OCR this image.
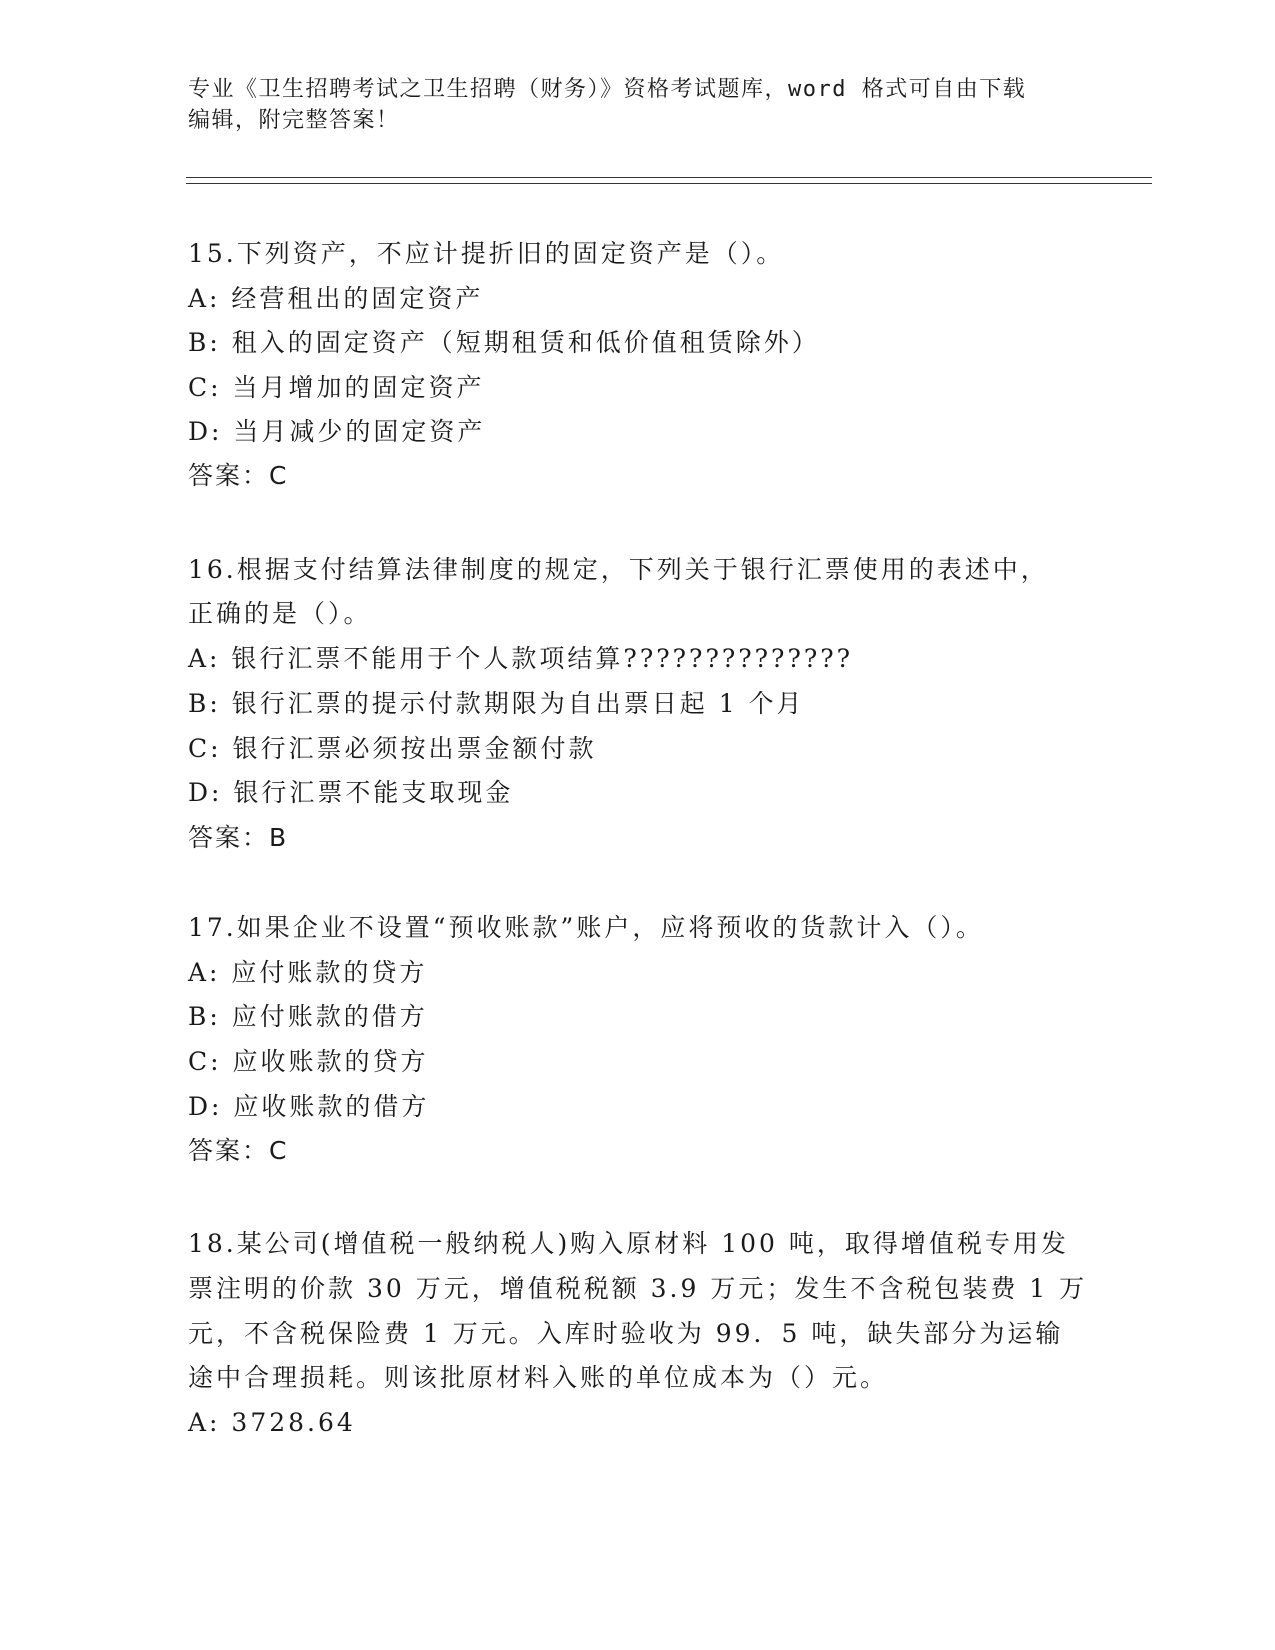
专业《卫生招聘考试之卫生招聘（财务）》资格考试题库，word 格式可自由下载
编辑，附完整答案！
15.下列资产，不应计提折旧的固定资产是（）。
A: 经营租出的固定资产
B: 租入的固定资产（短期租赁和低价值租赁除外）
C: 当月增加的固定资产
D: 当月减少的固定资产
答案：C
16.根据支付结算法律制度的规定，下列关于银行汇票使用的表述中，
正确的是（）。
A: 银行汇票不能用于个人款项结算??????????????
B: 银行汇票的提示付款期限为自出票日起 1 个月
C: 银行汇票必须按出票金额付款
D: 银行汇票不能支取现金
答案：B
17.如果企业不设置“预收账款”账户，应将预收的货款计入（）。
A: 应付账款的贷方
B: 应付账款的借方
C: 应收账款的贷方
D: 应收账款的借方
答案：C
18.某公司(增值税一般纳税人)购入原材料 100 吨，取得增值税专用发
票注明的价款 30 万元，增值税税额 3.9 万元；发生不含税包装费 1 万
元，不含税保险费 1 万元。入库时验收为 99．5 吨，缺失部分为运输
途中合理损耗。则该批原材料入账的单位成本为（）元。
A: 3728.64
